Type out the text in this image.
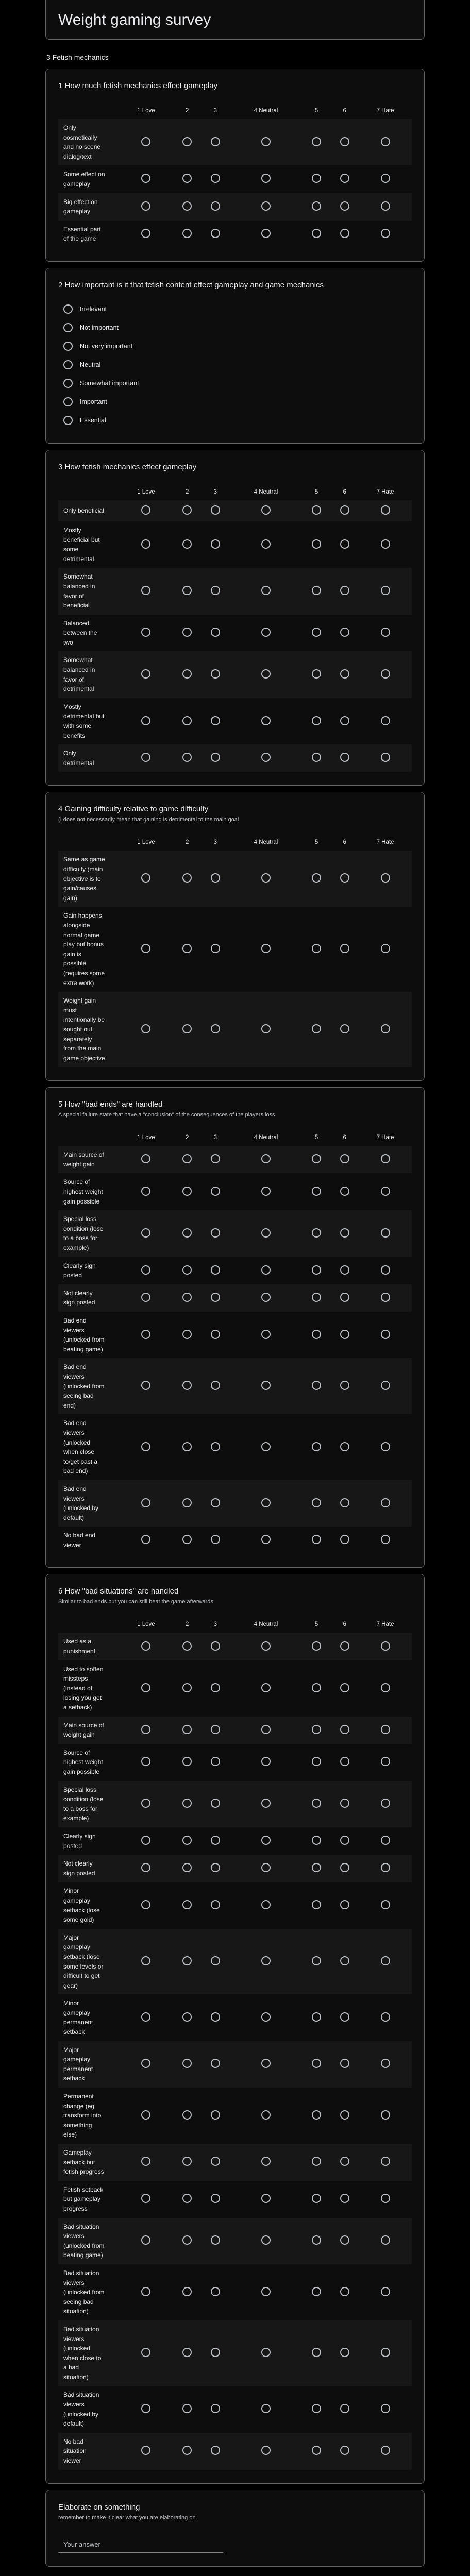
Weight gaming survey
3 Fetish mechanics
1 How much fetish mechanics effect gameplay
	1 Love	2	3	4 Neutral	5	6	7 Hate
Only cosmetically and no scene dialog/text							
Some effect on gameplay							
Big effect on gameplay							
Essential part of the game							
2 How important is it that fetish content effect gameplay and game mechanics
Irrelevant
Not important
Not very important
Neutral
Somewhat important
Important
Essential
3 How fetish mechanics effect gameplay
	1 Love	2	3	4 Neutral	5	6	7 Hate
Only beneficial							
Mostly beneficial but some detrimental							
Somewhat balanced in favor of beneficial							
Balanced between the two							
Somewhat balanced in favor of detrimental							
Mostly detrimental but with some benefits							
Only detrimental							
4 Gaining difficulty relative to game difficulty
(I does not necessarily mean that gaining is detrimental to the main goal
	1 Love	2	3	4 Neutral	5	6	7 Hate
Same as game difficulty (main objective is to gain/causes gain)							
Gain happens alongside normal game play but bonus gain is possible (requires some extra work)							
Weight gain must intentionally be sought out separately from the main game objective							
5 How "bad ends" are handled
A special failure state that have a "conclusion" of the consequences of the players loss
	1 Love	2	3	4 Neutral	5	6	7 Hate
Main source of weight gain							
Source of highest weight gain possible							
Special loss condition (lose to a boss for example)							
Clearly sign posted							
Not clearly sign posted							
Bad end viewers (unlocked from beating game)							
Bad end viewers (unlocked from seeing bad end)							
Bad end viewers (unlocked when close to/get past a bad end)							
Bad end viewers (unlocked by default)							
No bad end viewer							
6 How "bad situations" are handled
Similar to bad ends but you can still beat the game afterwards
	1 Love	2	3	4 Neutral	5	6	7 Hate
Used as a punishment							
Used to soften missteps (instead of losing you get a setback)							
Main source of weight gain							
Source of highest weight gain possible							
Special loss condition (lose to a boss for example)							
Clearly sign posted							
Not clearly sign posted							
Minor gameplay setback (lose some gold)							
Major gameplay setback (lose some levels or difficult to get gear)							
Minor gameplay permanent setback							
Major gameplay permanent setback							
Permanent change (eg transform into something else)							
Gameplay setback but fetish progress							
Fetish setback but gameplay progress							
Bad situation viewers (unlocked from beating game)							
Bad situation viewers (unlocked from seeing bad situation)							
Bad situation viewers (unlocked when close to a bad situation)							
Bad situation viewers (unlocked by default)							
No bad situation viewer							
Elaborate on something
remember to make it clear what you are elaborating on
Your answer
